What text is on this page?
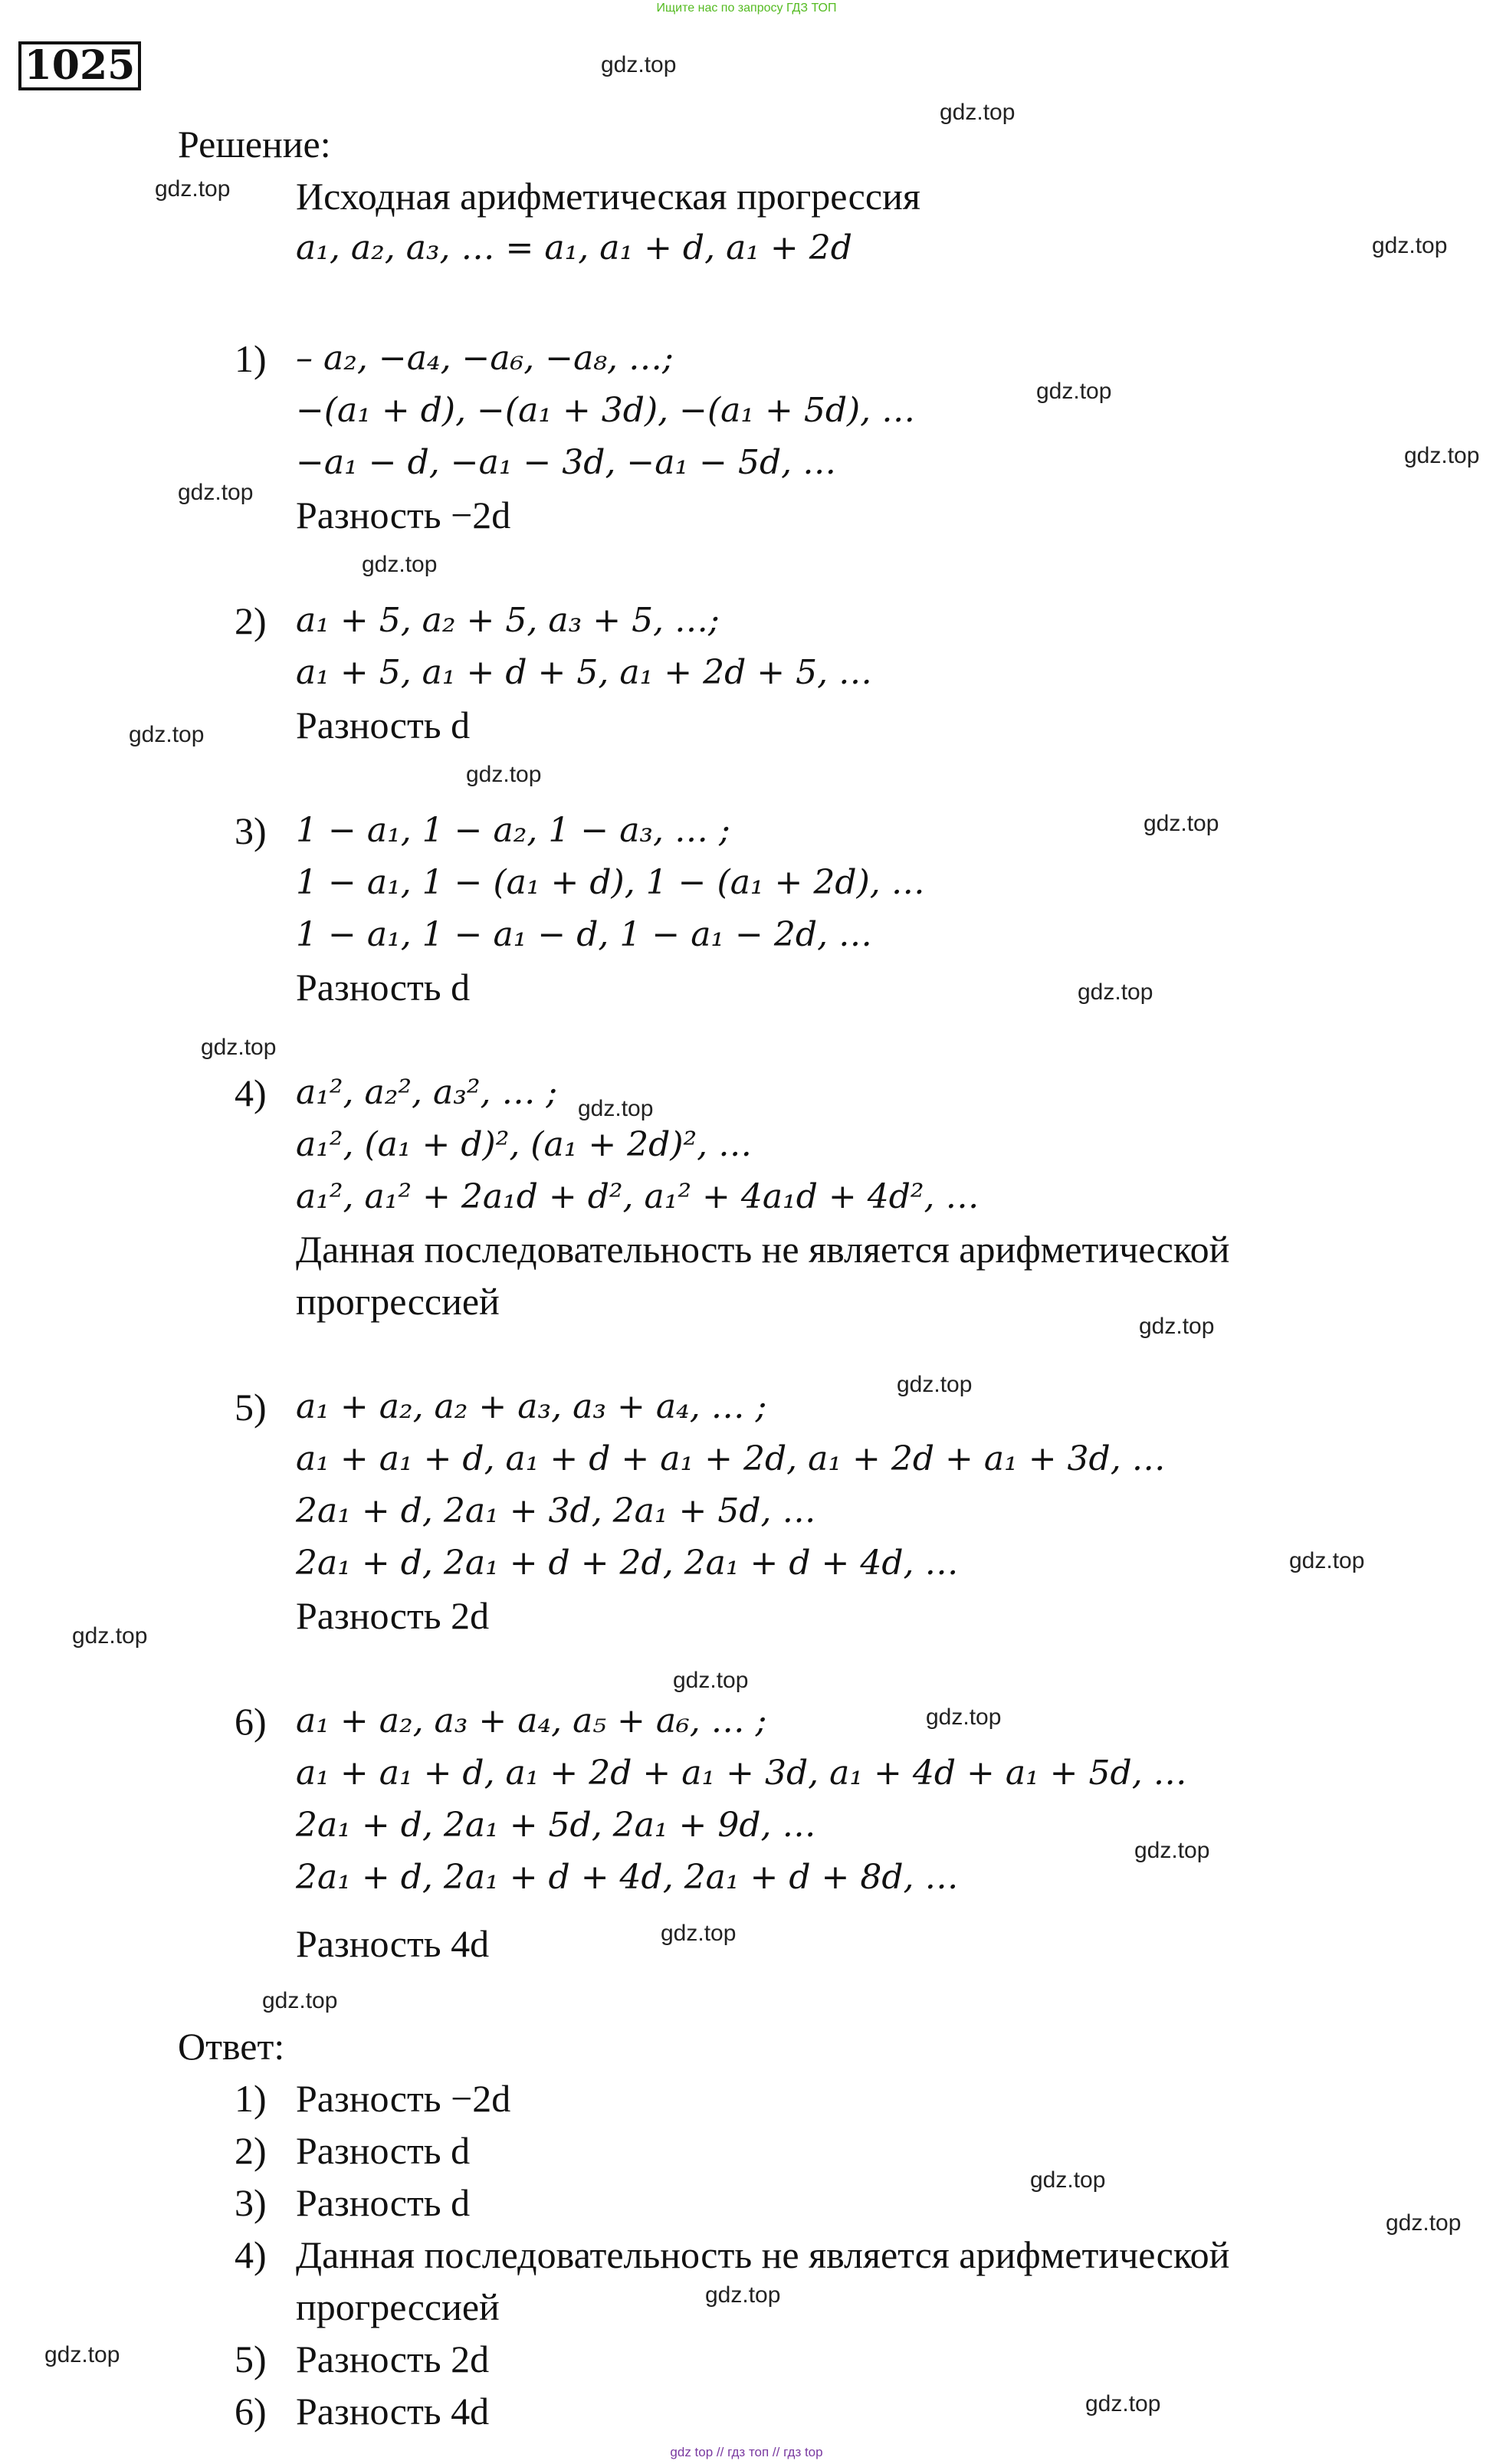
Ищите нас по запросу ГДЗ ТОП
1025
Решение:
Исходная арифметическая прогрессия
a₁, a₂, a₃, … = a₁, a₁ + d, a₁ + 2d
1) – a₂, −a₄, −a₆, −a₈, …;
−(a₁ + d), −(a₁ + 3d), −(a₁ + 5d), …
−a₁ − d, −a₁ − 3d, −a₁ − 5d, …
Разность −2d
2) a₁ + 5, a₂ + 5, a₃ + 5, …;
a₁ + 5, a₁ + d + 5, a₁ + 2d + 5, …
Разность d
3) 1 − a₁, 1 − a₂, 1 − a₃, … ;
1 − a₁, 1 − (a₁ + d), 1 − (a₁ + 2d), …
1 − a₁, 1 − a₁ − d, 1 − a₁ − 2d, …
Разность d
4) a₁², a₂², a₃², … ;
a₁², (a₁ + d)², (a₁ + 2d)², …
a₁², a₁² + 2a₁d + d², a₁² + 4a₁d + 4d², …
Данная последовательность не является арифметической
прогрессией
5) a₁ + a₂, a₂ + a₃, a₃ + a₄, … ;
a₁ + a₁ + d, a₁ + d + a₁ + 2d, a₁ + 2d + a₁ + 3d, …
2a₁ + d, 2a₁ + 3d, 2a₁ + 5d, …
2a₁ + d, 2a₁ + d + 2d, 2a₁ + d + 4d, …
Разность 2d
6) a₁ + a₂, a₃ + a₄, a₅ + a₆, … ;
a₁ + a₁ + d, a₁ + 2d + a₁ + 3d, a₁ + 4d + a₁ + 5d, …
2a₁ + d, 2a₁ + 5d, 2a₁ + 9d, …
2a₁ + d, 2a₁ + d + 4d, 2a₁ + d + 8d, …
Разность 4d
Ответ:
1) Разность −2d
2) Разность d
3) Разность d
4) Данная последовательность не является арифметической
прогрессией
5) Разность 2d
6) Разность 4d
gdz.top
gdz.top
gdz.top
gdz.top
gdz.top
gdz.top
gdz.top
gdz.top
gdz.top
gdz.top
gdz.top
gdz.top
gdz.top
gdz.top
gdz.top
gdz.top
gdz.top
gdz.top
gdz.top
gdz.top
gdz.top
gdz.top
gdz.top
gdz.top
gdz.top
gdz.top
gdz.top
gdz.top
gdz top // гдз топ // гдз top
